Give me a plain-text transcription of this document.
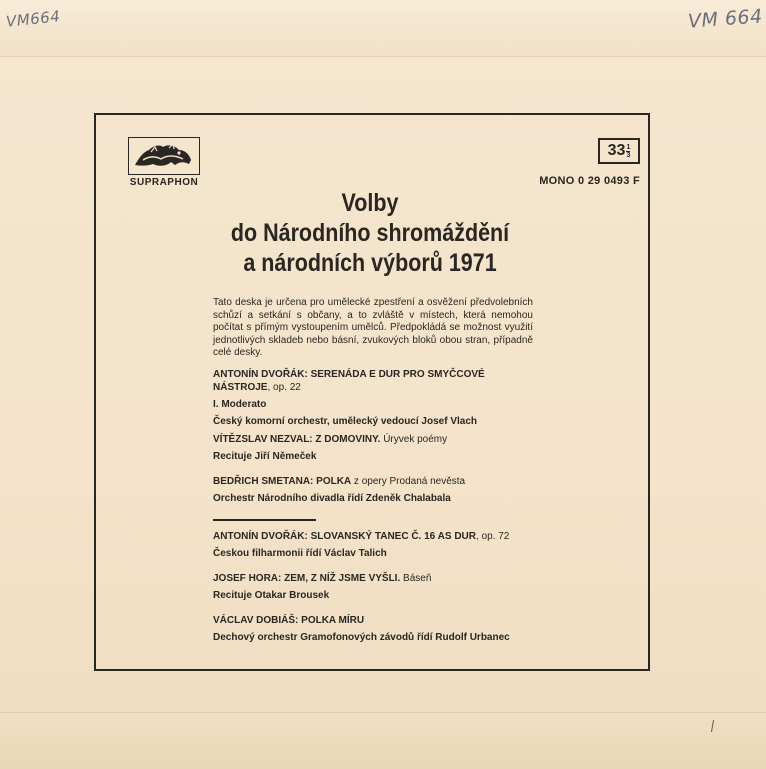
VM664	VM 664
SUPRAPHON
$33 \frac{1}{3}$
MONO 0 29 0493 F
Volby
do Národního shromáždění
a národních výborů 1971
Tato deska je určena pro umělecké zpestření a osvěžení předvolebních schůzí a setkání s občany, a to zvláště v místech, která nemohou počítat s přímým vystoupením umělců. Předpokládá se možnost využití jednotlivých skladeb nebo básní, zvukových bloků obou stran, případně celé desky.
ANTONÍN DVOŘÁK: SERENÁDA E DUR PRO SMYČCOVÉ NÁSTROJE, op. 22
I. Moderato
Český komorní orchestr, umělecký vedoucí Josef Vlach
VÍTĚZSLAV NEZVAL: Z DOMOVINY. Úryvek poémy
Recituje Jiří Němeček
BEDŘICH SMETANA: POLKA z opery Prodaná nevěsta
Orchestr Národního divadla řídí Zdeněk Chalabala
ANTONÍN DVOŘÁK: SLOVANSKÝ TANEC Č. 16 AS DUR, op. 72
Českou filharmonii řídí Václav Talich
JOSEF HORA: ZEM, Z NÍŽ JSME VYŠLI. Báseň
Recituje Otakar Brousek
VÁCLAV DOBIÁŠ: POLKA MÍRU
Dechový orchestr Gramofonových závodů řídí Rudolf Urbanec
